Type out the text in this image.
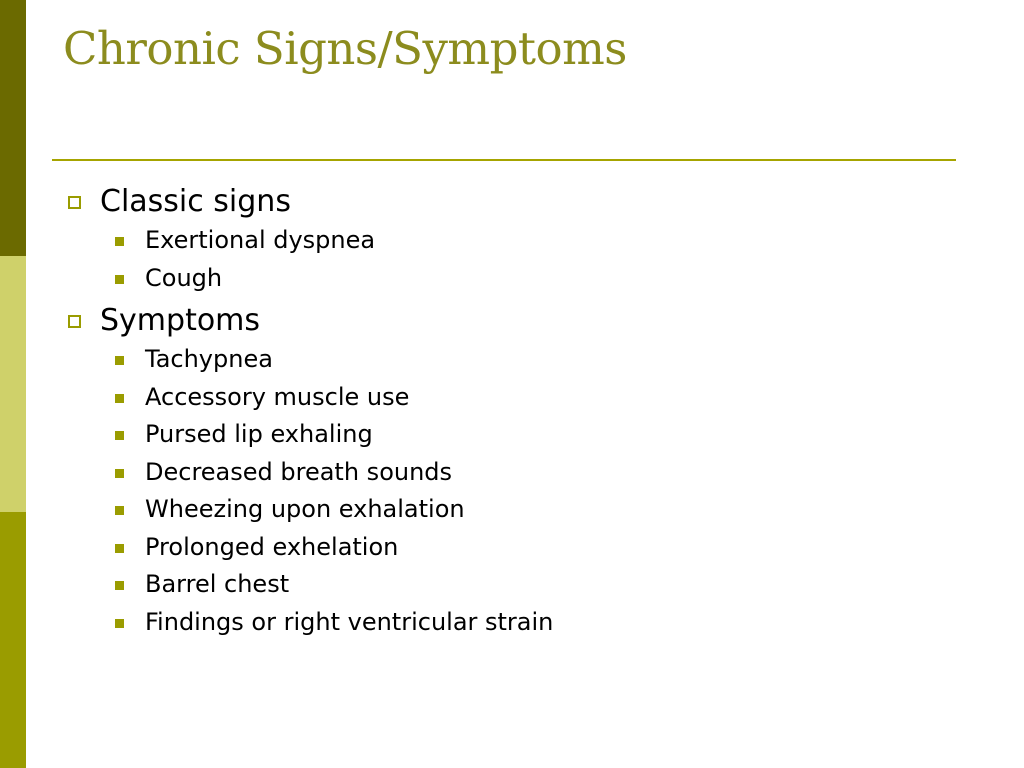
Chronic Signs/Symptoms
Classic signs
Exertional dyspnea
Cough
Symptoms
Tachypnea
Accessory muscle use
Pursed lip exhaling
Decreased breath sounds
Wheezing upon exhalation
Prolonged exhelation
Barrel chest
Findings or right ventricular strain
